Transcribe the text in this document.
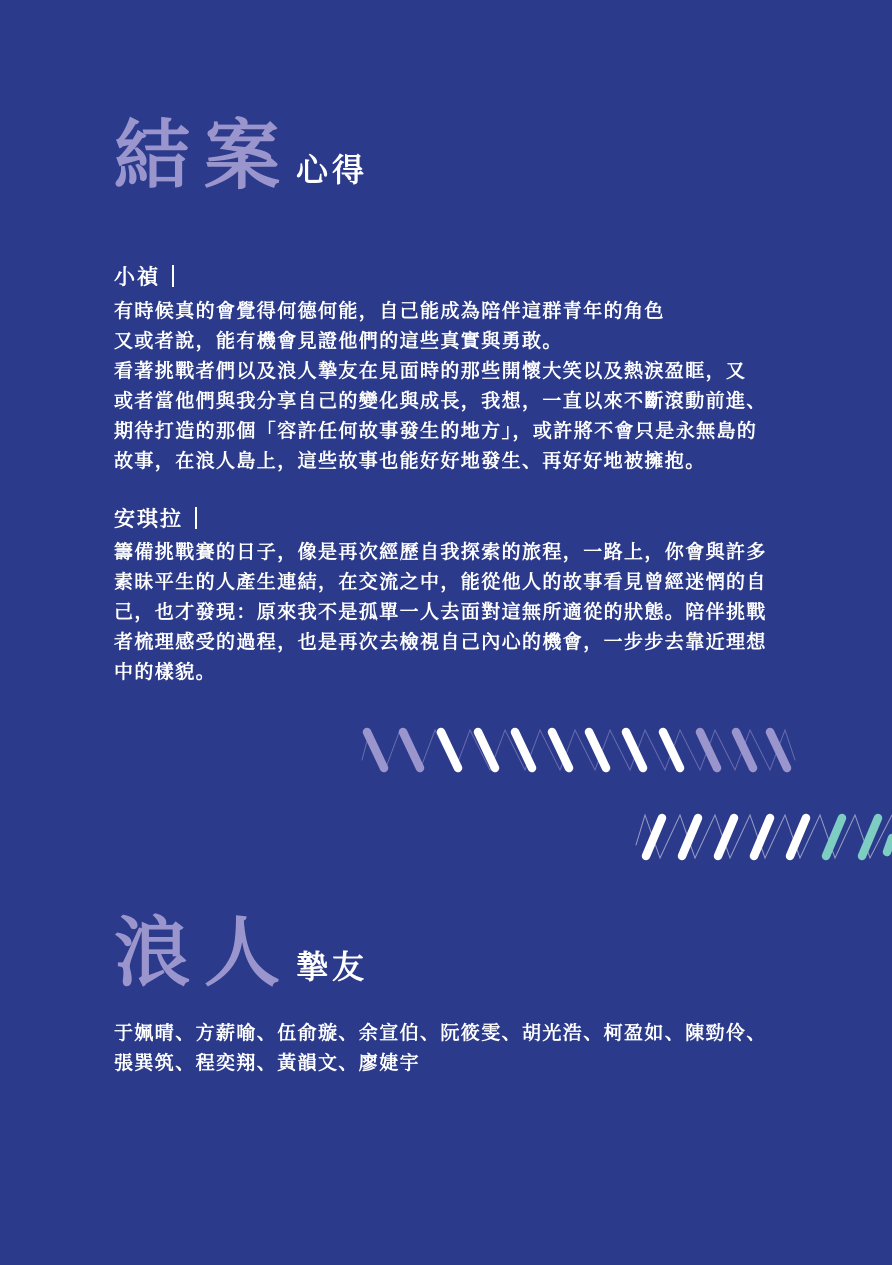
結案 心得
小禎
有時候真的會覺得何德何能，自己能成為陪伴這群青年的角色
又或者說，能有機會見證他們的這些真實與勇敢。
看著挑戰者們以及浪人摯友在見面時的那些開懷大笑以及熱淚盈眶，又
或者當他們與我分享自己的變化與成長，我想，一直以來不斷滾動前進、
期待打造的那個「容許任何故事發生的地方」，或許將不會只是永無島的
故事，在浪人島上，這些故事也能好好地發生、再好好地被擁抱。
安琪拉
籌備挑戰賽的日子，像是再次經歷自我探索的旅程，一路上，你會與許多
素昧平生的人產生連結，在交流之中，能從他人的故事看見曾經迷惘的自
己，也才發現：原來我不是孤單一人去面對這無所適從的狀態。陪伴挑戰
者梳理感受的過程，也是再次去檢視自己內心的機會，一步步去靠近理想
中的樣貌。
浪人 摯友
于姵晴、方薪喻、伍俞璇、余宣伯、阮筱雯、胡光浩、柯盈如、陳勁伶、
張巽筑、程奕翔、黃韻文、廖婕宇
